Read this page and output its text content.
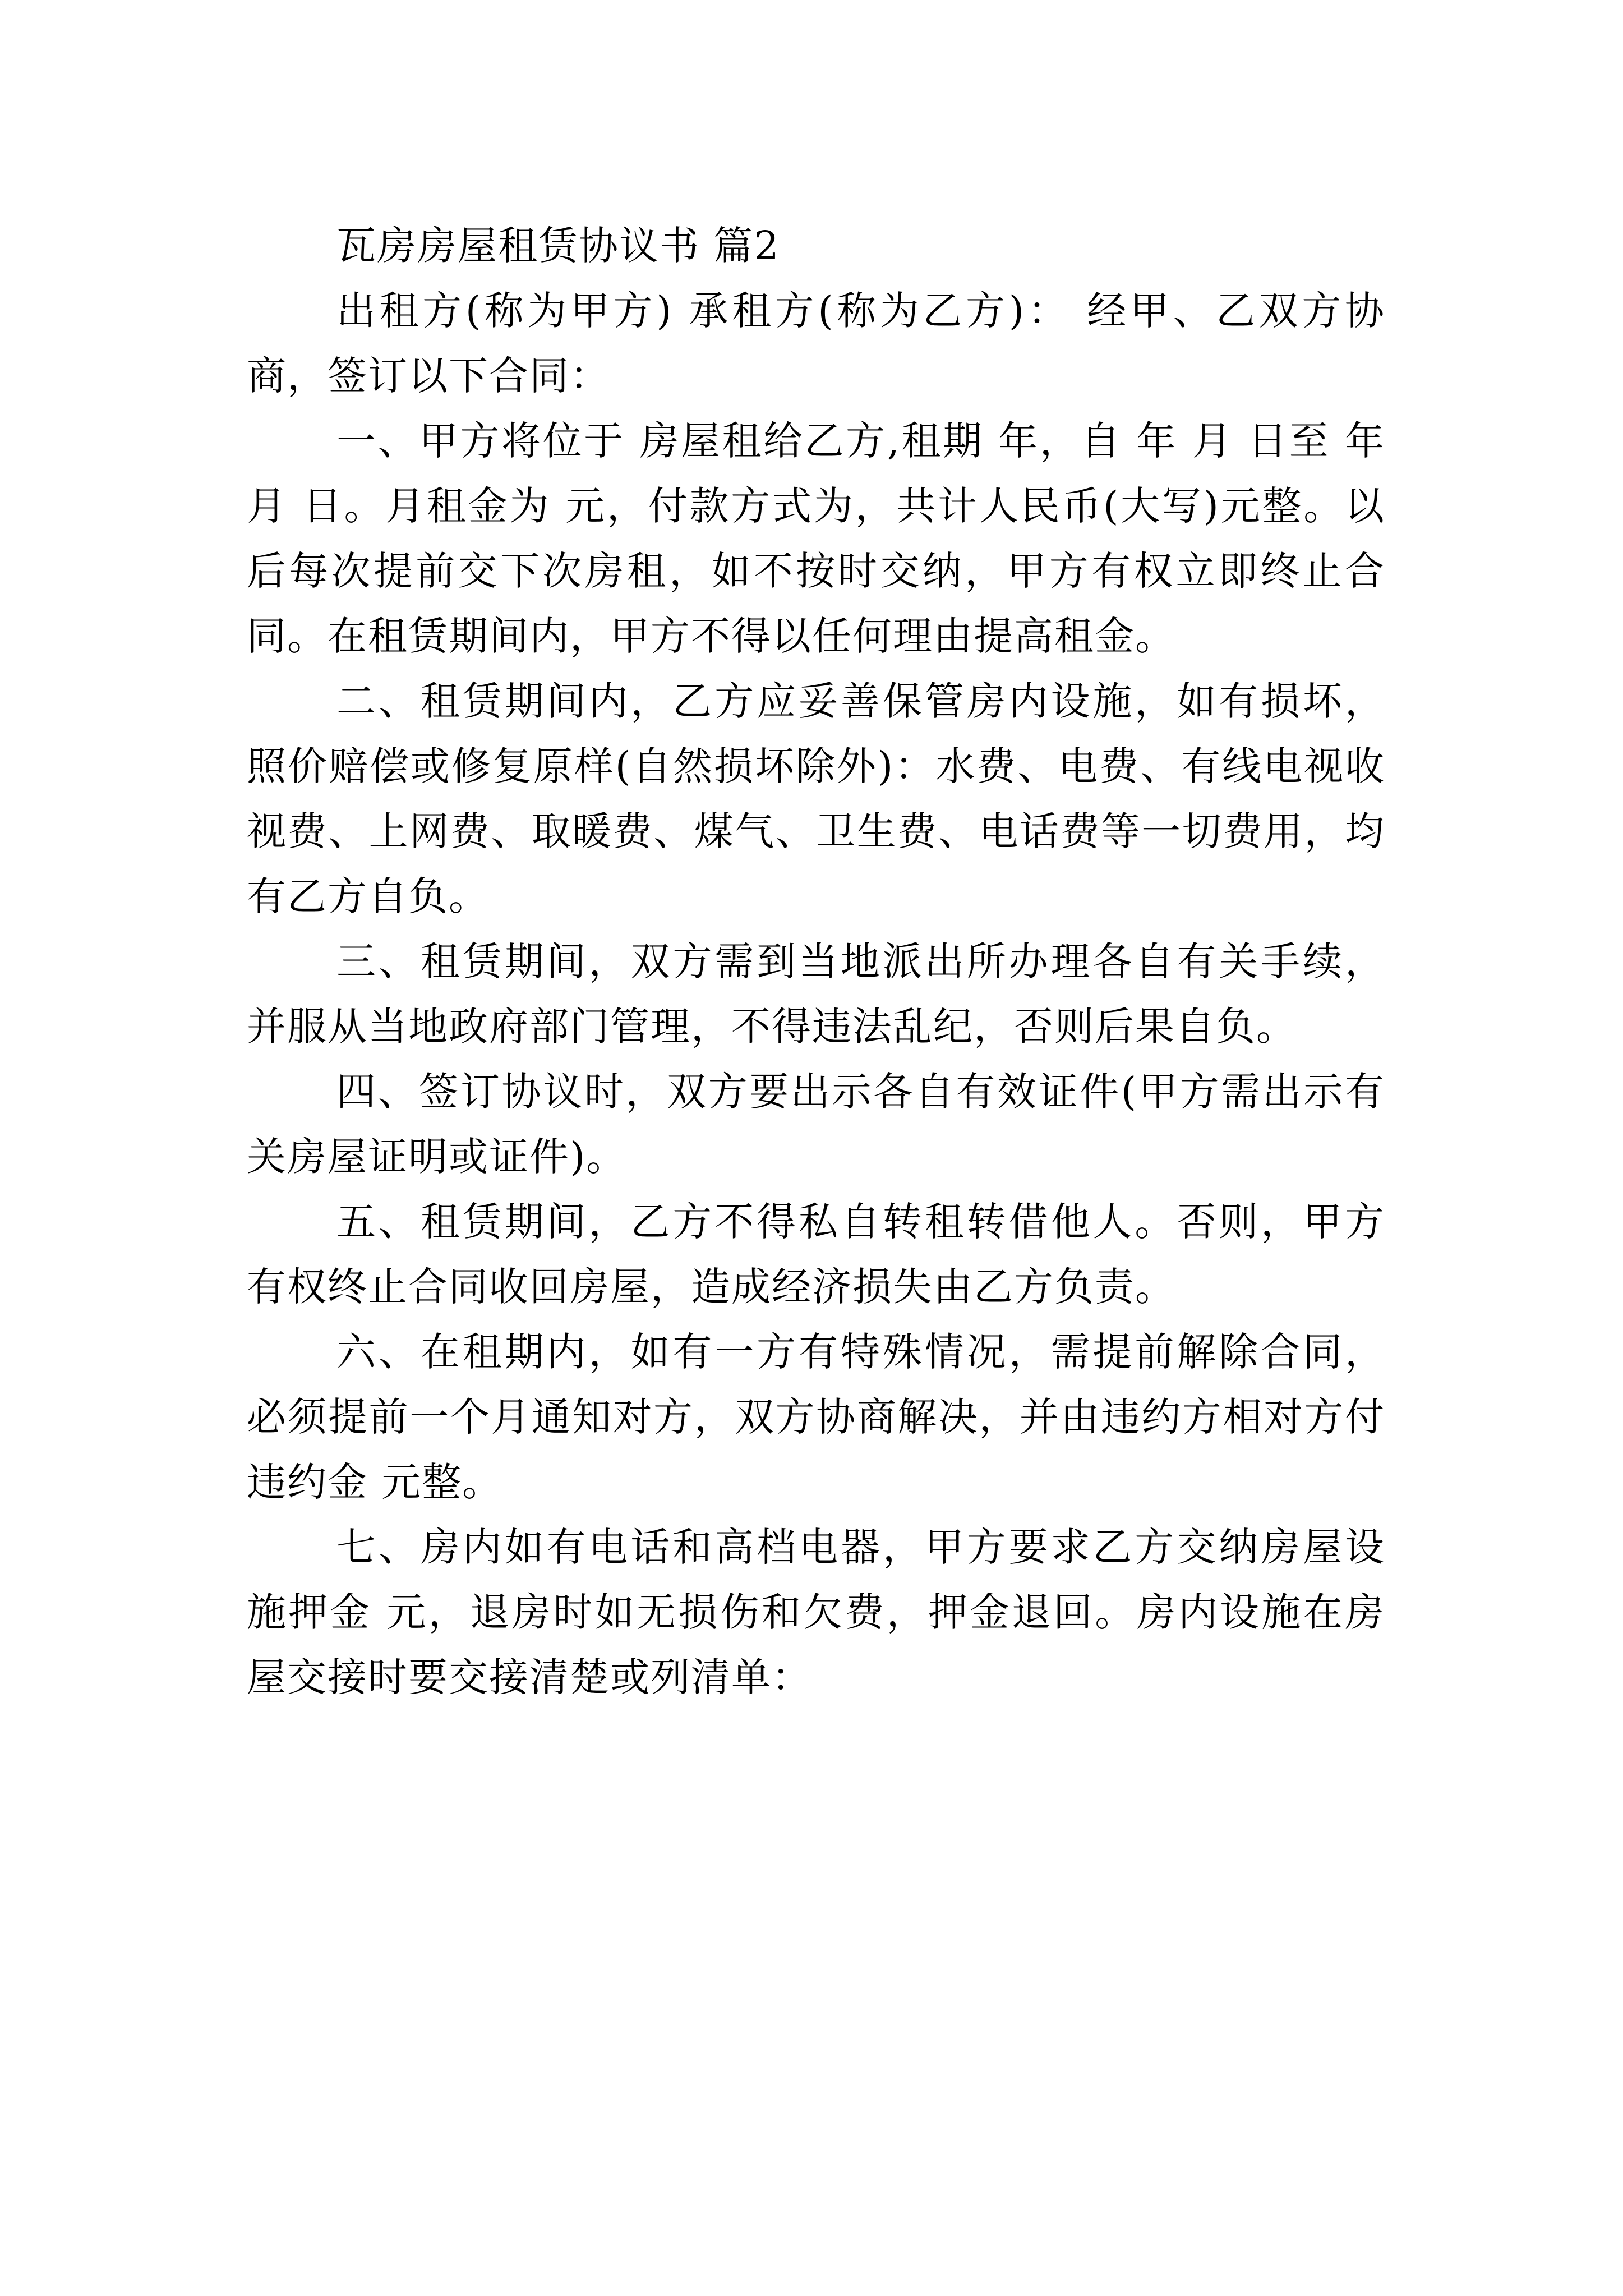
瓦房房屋租赁协议书 篇2

出租方(称为甲方) 承租方(称为乙方)： 经甲、乙双方协商，签订以下合同：

一、甲方将位于 房屋租给乙方,租期 年，自 年 月 日至 年 月 日。月租金为 元，付款方式为，共计人民币(大写)元整。以后每次提前交下次房租，如不按时交纳，甲方有权立即终止合同。在租赁期间内，甲方不得以任何理由提高租金。

二、租赁期间内，乙方应妥善保管房内设施，如有损坏，照价赔偿或修复原样(自然损坏除外)：水费、电费、有线电视收视费、上网费、取暖费、煤气、卫生费、电话费等一切费用，均有乙方自负。

三、租赁期间，双方需到当地派出所办理各自有关手续，并服从当地政府部门管理，不得违法乱纪，否则后果自负。

四、签订协议时，双方要出示各自有效证件(甲方需出示有关房屋证明或证件)。

五、租赁期间，乙方不得私自转租转借他人。否则，甲方有权终止合同收回房屋，造成经济损失由乙方负责。

六、在租期内，如有一方有特殊情况，需提前解除合同，必须提前一个月通知对方，双方协商解决，并由违约方相对方付违约金 元整。

七、房内如有电话和高档电器，甲方要求乙方交纳房屋设施押金 元，退房时如无损伤和欠费，押金退回。房内设施在房屋交接时要交接清楚或列清单：
